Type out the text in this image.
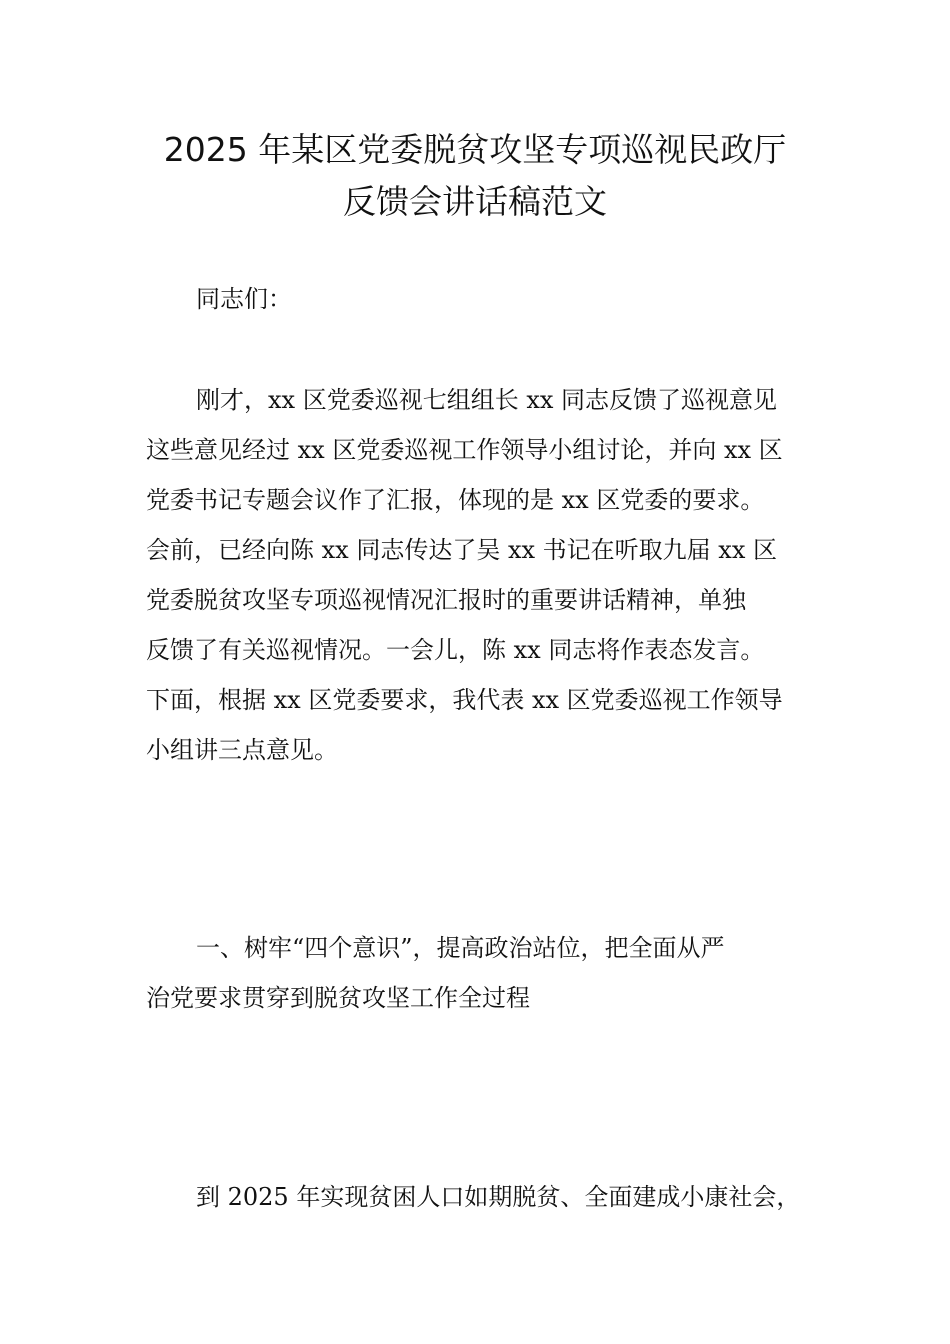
2025 年某区党委脱贫攻坚专项巡视民政厅
反馈会讲话稿范文
同志们：
刚才，xx 区党委巡视七组组长 xx 同志反馈了巡视意见
这些意见经过 xx 区党委巡视工作领导小组讨论，并向 xx 区
党委书记专题会议作了汇报，体现的是 xx 区党委的要求。
会前，已经向陈 xx 同志传达了吴 xx 书记在听取九届 xx 区
党委脱贫攻坚专项巡视情况汇报时的重要讲话精神，单独
反馈了有关巡视情况。一会儿，陈 xx 同志将作表态发言。
下面，根据 xx 区党委要求，我代表 xx 区党委巡视工作领导
小组讲三点意见。
一、树牢“四个意识”，提高政治站位，把全面从严
治党要求贯穿到脱贫攻坚工作全过程
到 2025 年实现贫困人口如期脱贫、全面建成小康社会，
